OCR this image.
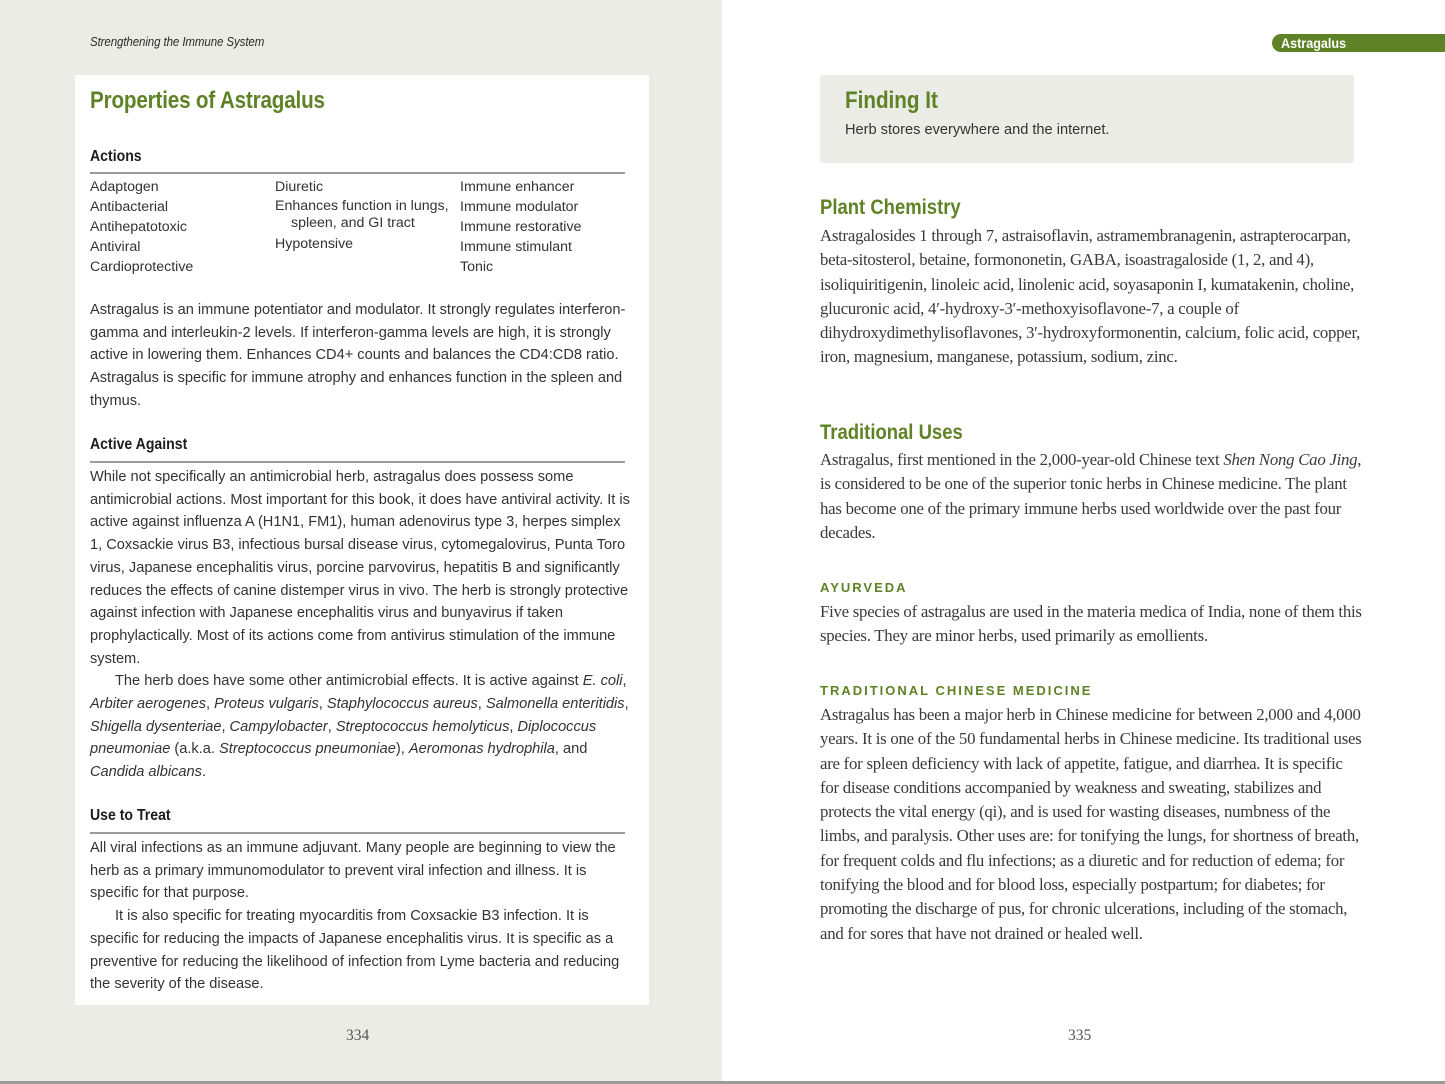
Strengthening the Immune System
Properties of Astragalus
Actions
Adaptogen
Antibacterial
Antihepatotoxic
Antiviral
Cardioprotective
Diuretic
Enhances function in lungs, spleen, and GI tract
Hypotensive
Immune enhancer
Immune modulator
Immune restorative
Immune stimulant
Tonic

Astragalus is an immune potentiator and modulator. It strongly regulates interferon-gamma and interleukin-2 levels. If interferon-gamma levels are high, it is strongly active in lowering them. Enhances CD4+ counts and balances the CD4:CD8 ratio. Astragalus is specific for immune atrophy and enhances function in the spleen and thymus.

Active Against

While not specifically an antimicrobial herb, astragalus does possess some antimicrobial actions. Most important for this book, it does have antiviral activity. It is active against influenza A (H1N1, FM1), human adenovirus type 3, herpes simplex 1, Coxsackie virus B3, infectious bursal disease virus, cytomegalovirus, Punta Toro virus, Japanese encephalitis virus, porcine parvovirus, hepatitis B and significantly reduces the effects of canine distemper virus in vivo. The herb is strongly protective against infection with Japanese encephalitis virus and bunyavirus if taken prophylactically. Most of its actions come from antivirus stimulation of the immune system.

The herb does have some other antimicrobial effects. It is active against E. coli, Arbiter aerogenes, Proteus vulgaris, Staphylococcus aureus, Salmonella enteritidis, Shigella dysenteriae, Campylobacter, Streptococcus hemolyticus, Diplococcus pneumoniae (a.k.a. Streptococcus pneumoniae), Aeromonas hydrophila, and Candida albicans.

Use to Treat

All viral infections as an immune adjuvant. Many people are beginning to view the herb as a primary immunomodulator to prevent viral infection and illness. It is specific for that purpose.

It is also specific for treating myocarditis from Coxsackie B3 infection. It is specific for reducing the impacts of Japanese encephalitis virus. It is specific as a preventive for reducing the likelihood of infection from Lyme bacteria and reducing the severity of the disease.

334
Astragalus
Finding It
Herb stores everywhere and the internet.
Plant Chemistry
Astragalosides 1 through 7, astraisoflavin, astramembranagenin, astrapterocarpan, beta-sitosterol, betaine, formononetin, GABA, isoastragaloside (1, 2, and 4), isoliquiritigenin, linoleic acid, linolenic acid, soyasaponin I, kumatakenin, choline, glucuronic acid, 4′-hydroxy-3′-methoxyisoflavone-7, a couple of dihydroxydimethylisoflavones, 3′-hydroxyformonentin, calcium, folic acid, copper, iron, magnesium, manganese, potassium, sodium, zinc.
Traditional Uses
Astragalus, first mentioned in the 2,000-year-old Chinese text Shen Nong Cao Jing, is considered to be one of the superior tonic herbs in Chinese medicine. The plant has become one of the primary immune herbs used worldwide over the past four decades.
AYURVEDA
Five species of astragalus are used in the materia medica of India, none of them this species. They are minor herbs, used primarily as emollients.
TRADITIONAL CHINESE MEDICINE
Astragalus has been a major herb in Chinese medicine for between 2,000 and 4,000 years. It is one of the 50 fundamental herbs in Chinese medicine. Its traditional uses are for spleen deficiency with lack of appetite, fatigue, and diarrhea. It is specific for disease conditions accompanied by weakness and sweating, stabilizes and protects the vital energy (qi), and is used for wasting diseases, numbness of the limbs, and paralysis. Other uses are: for tonifying the lungs, for shortness of breath, for frequent colds and flu infections; as a diuretic and for reduction of edema; for tonifying the blood and for blood loss, especially postpartum; for diabetes; for promoting the discharge of pus, for chronic ulcerations, including of the stomach, and for sores that have not drained or healed well.
335
